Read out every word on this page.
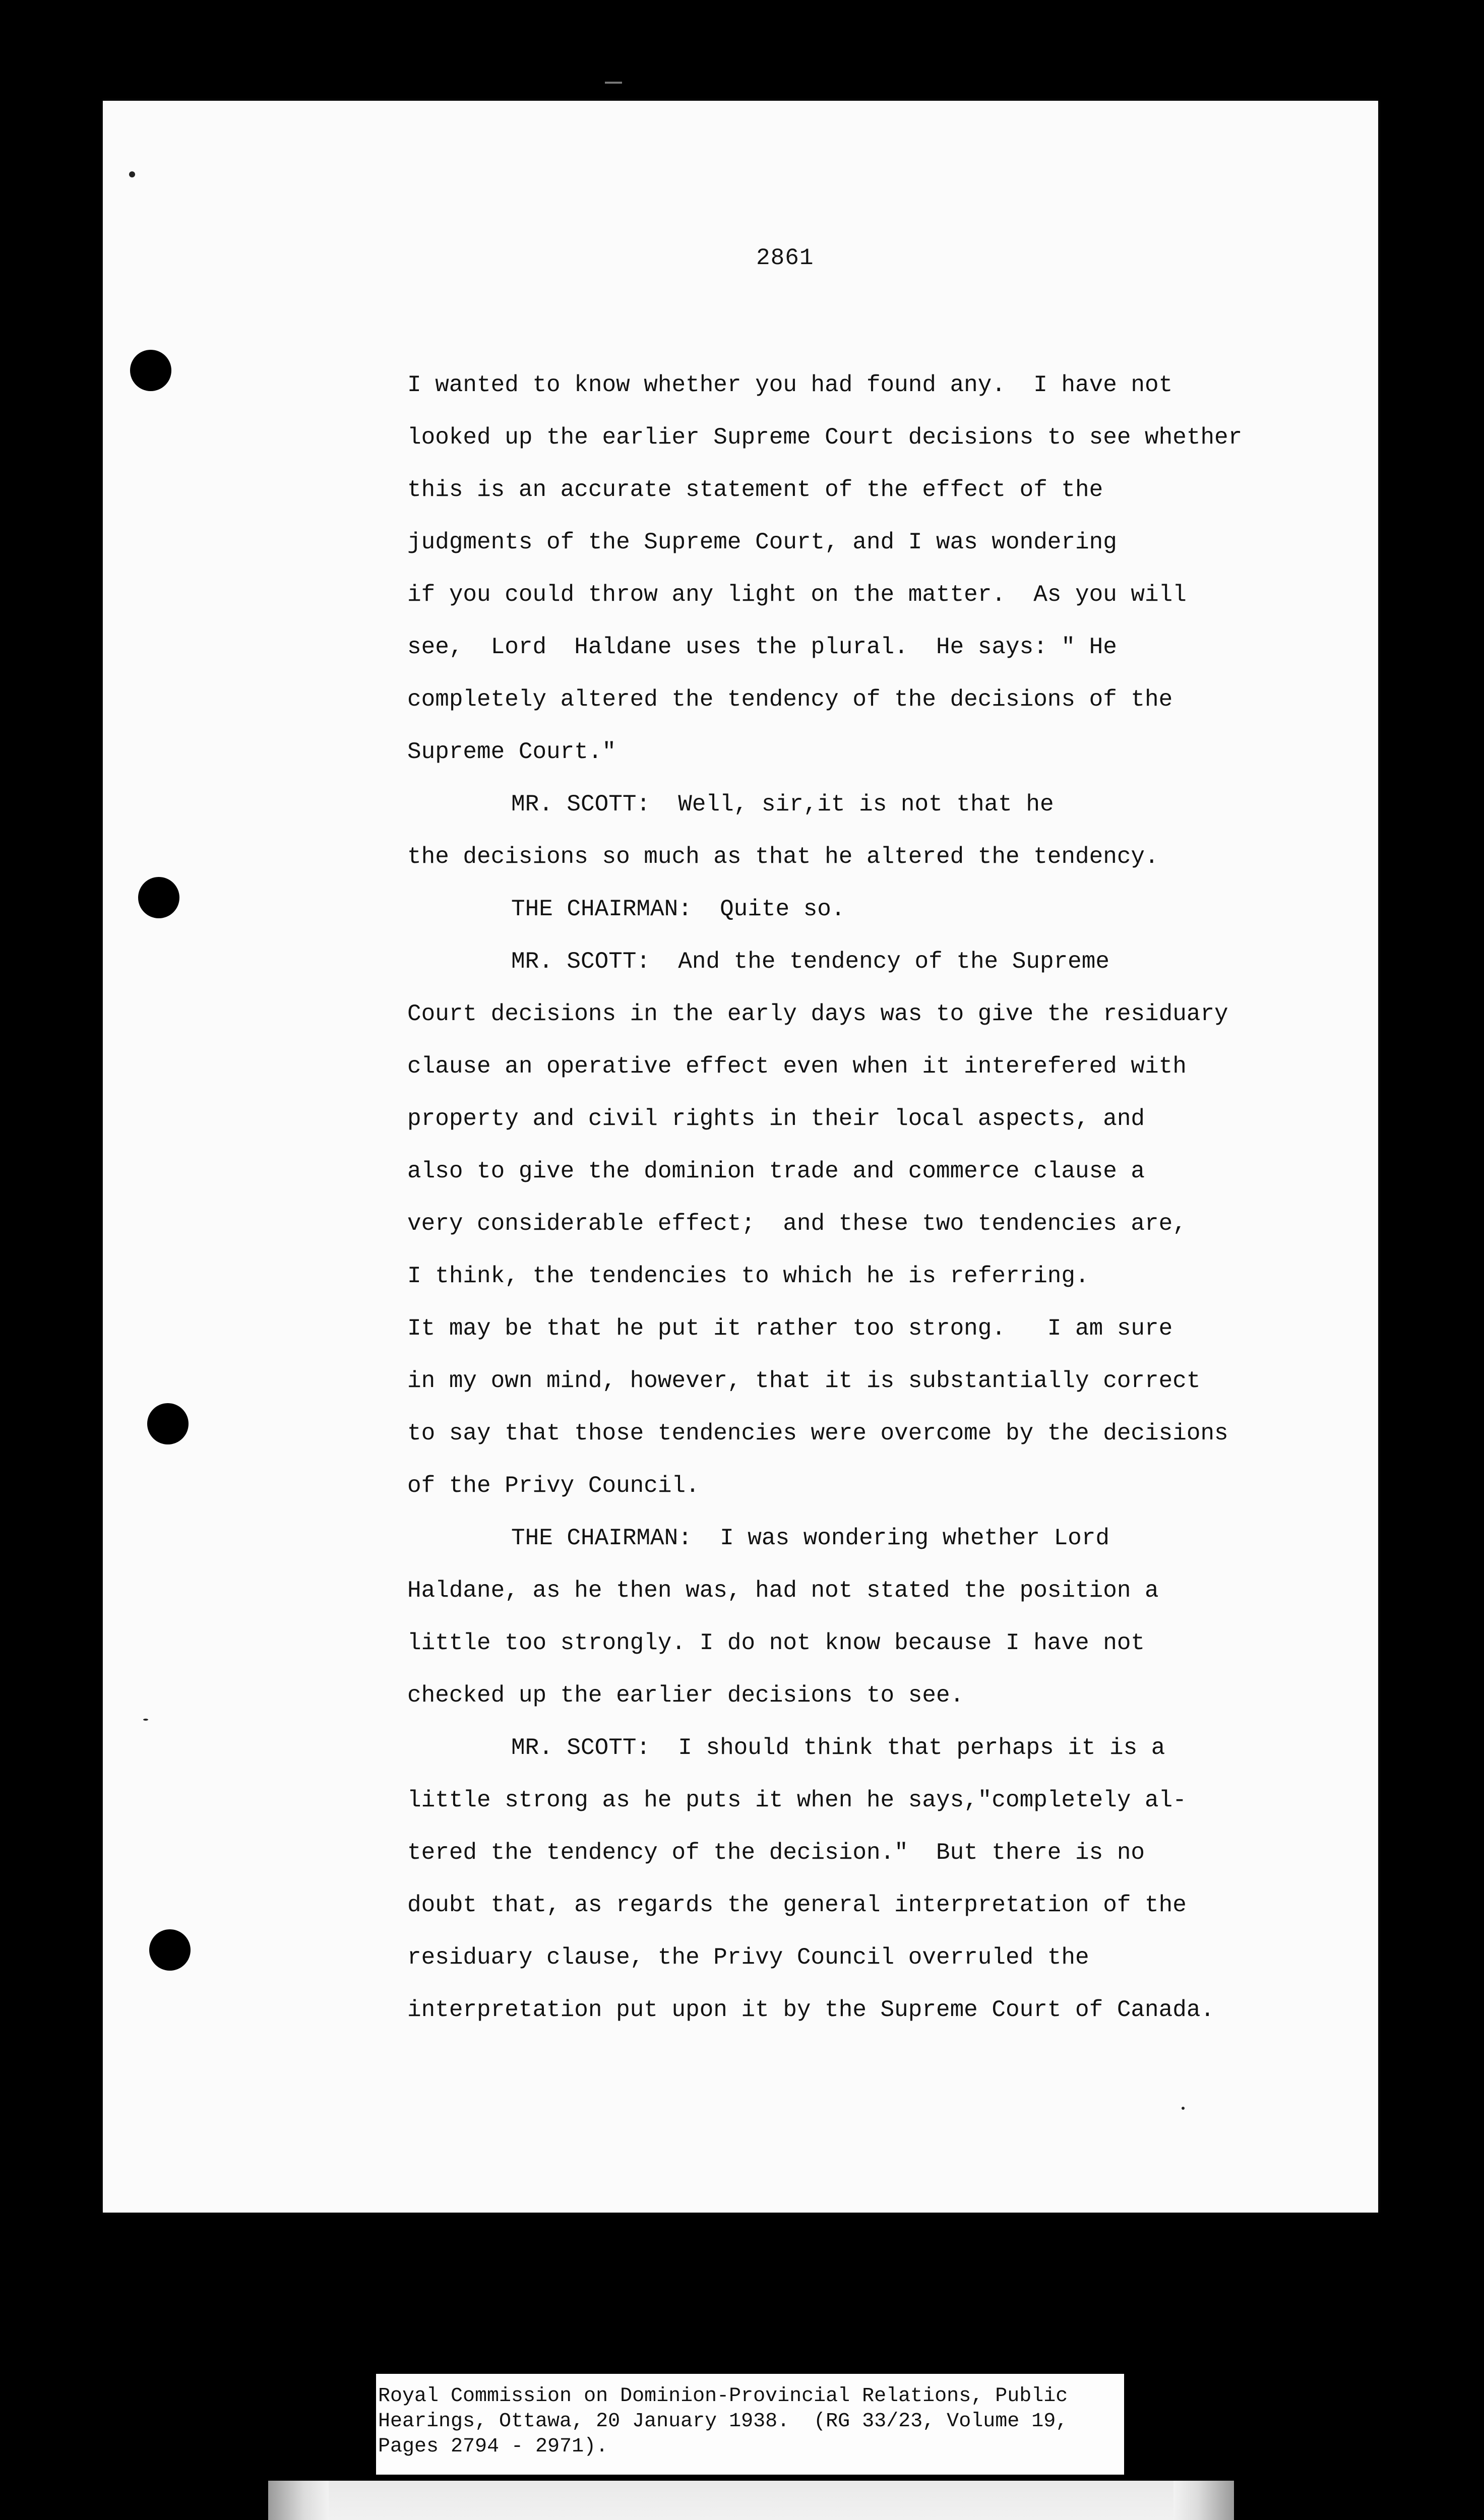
2861
I wanted to know whether you had found any.  I have not
looked up the earlier Supreme Court decisions to see whether
this is an accurate statement of the effect of the
judgments of the Supreme Court, and I was wondering
if you could throw any light on the matter.  As you will
see,  Lord  Haldane uses the plural.  He says: " He
completely altered the tendency of the decisions of the
Supreme Court."
MR. SCOTT:  Well, sir,it is not that he
the decisions so much as that he altered the tendency.
THE CHAIRMAN:  Quite so.
MR. SCOTT:  And the tendency of the Supreme
Court decisions in the early days was to give the residuary
clause an operative effect even when it interefered with
property and civil rights in their local aspects, and
also to give the dominion trade and commerce clause a
very considerable effect;  and these two tendencies are,
I think, the tendencies to which he is referring.
It may be that he put it rather too strong.   I am sure
in my own mind, however, that it is substantially correct
to say that those tendencies were overcome by the decisions
of the Privy Council.
THE CHAIRMAN:  I was wondering whether Lord
Haldane, as he then was, had not stated the position a
little too strongly. I do not know because I have not
checked up the earlier decisions to see.
MR. SCOTT:  I should think that perhaps it is a
little strong as he puts it when he says,"completely al-
tered the tendency of the decision."  But there is no
doubt that, as regards the general interpretation of the
residuary clause, the Privy Council overruled the
interpretation put upon it by the Supreme Court of Canada.
Royal Commission on Dominion-Provincial Relations, Public
Hearings, Ottawa, 20 January 1938.  (RG 33/23, Volume 19,
Pages 2794 - 2971).
